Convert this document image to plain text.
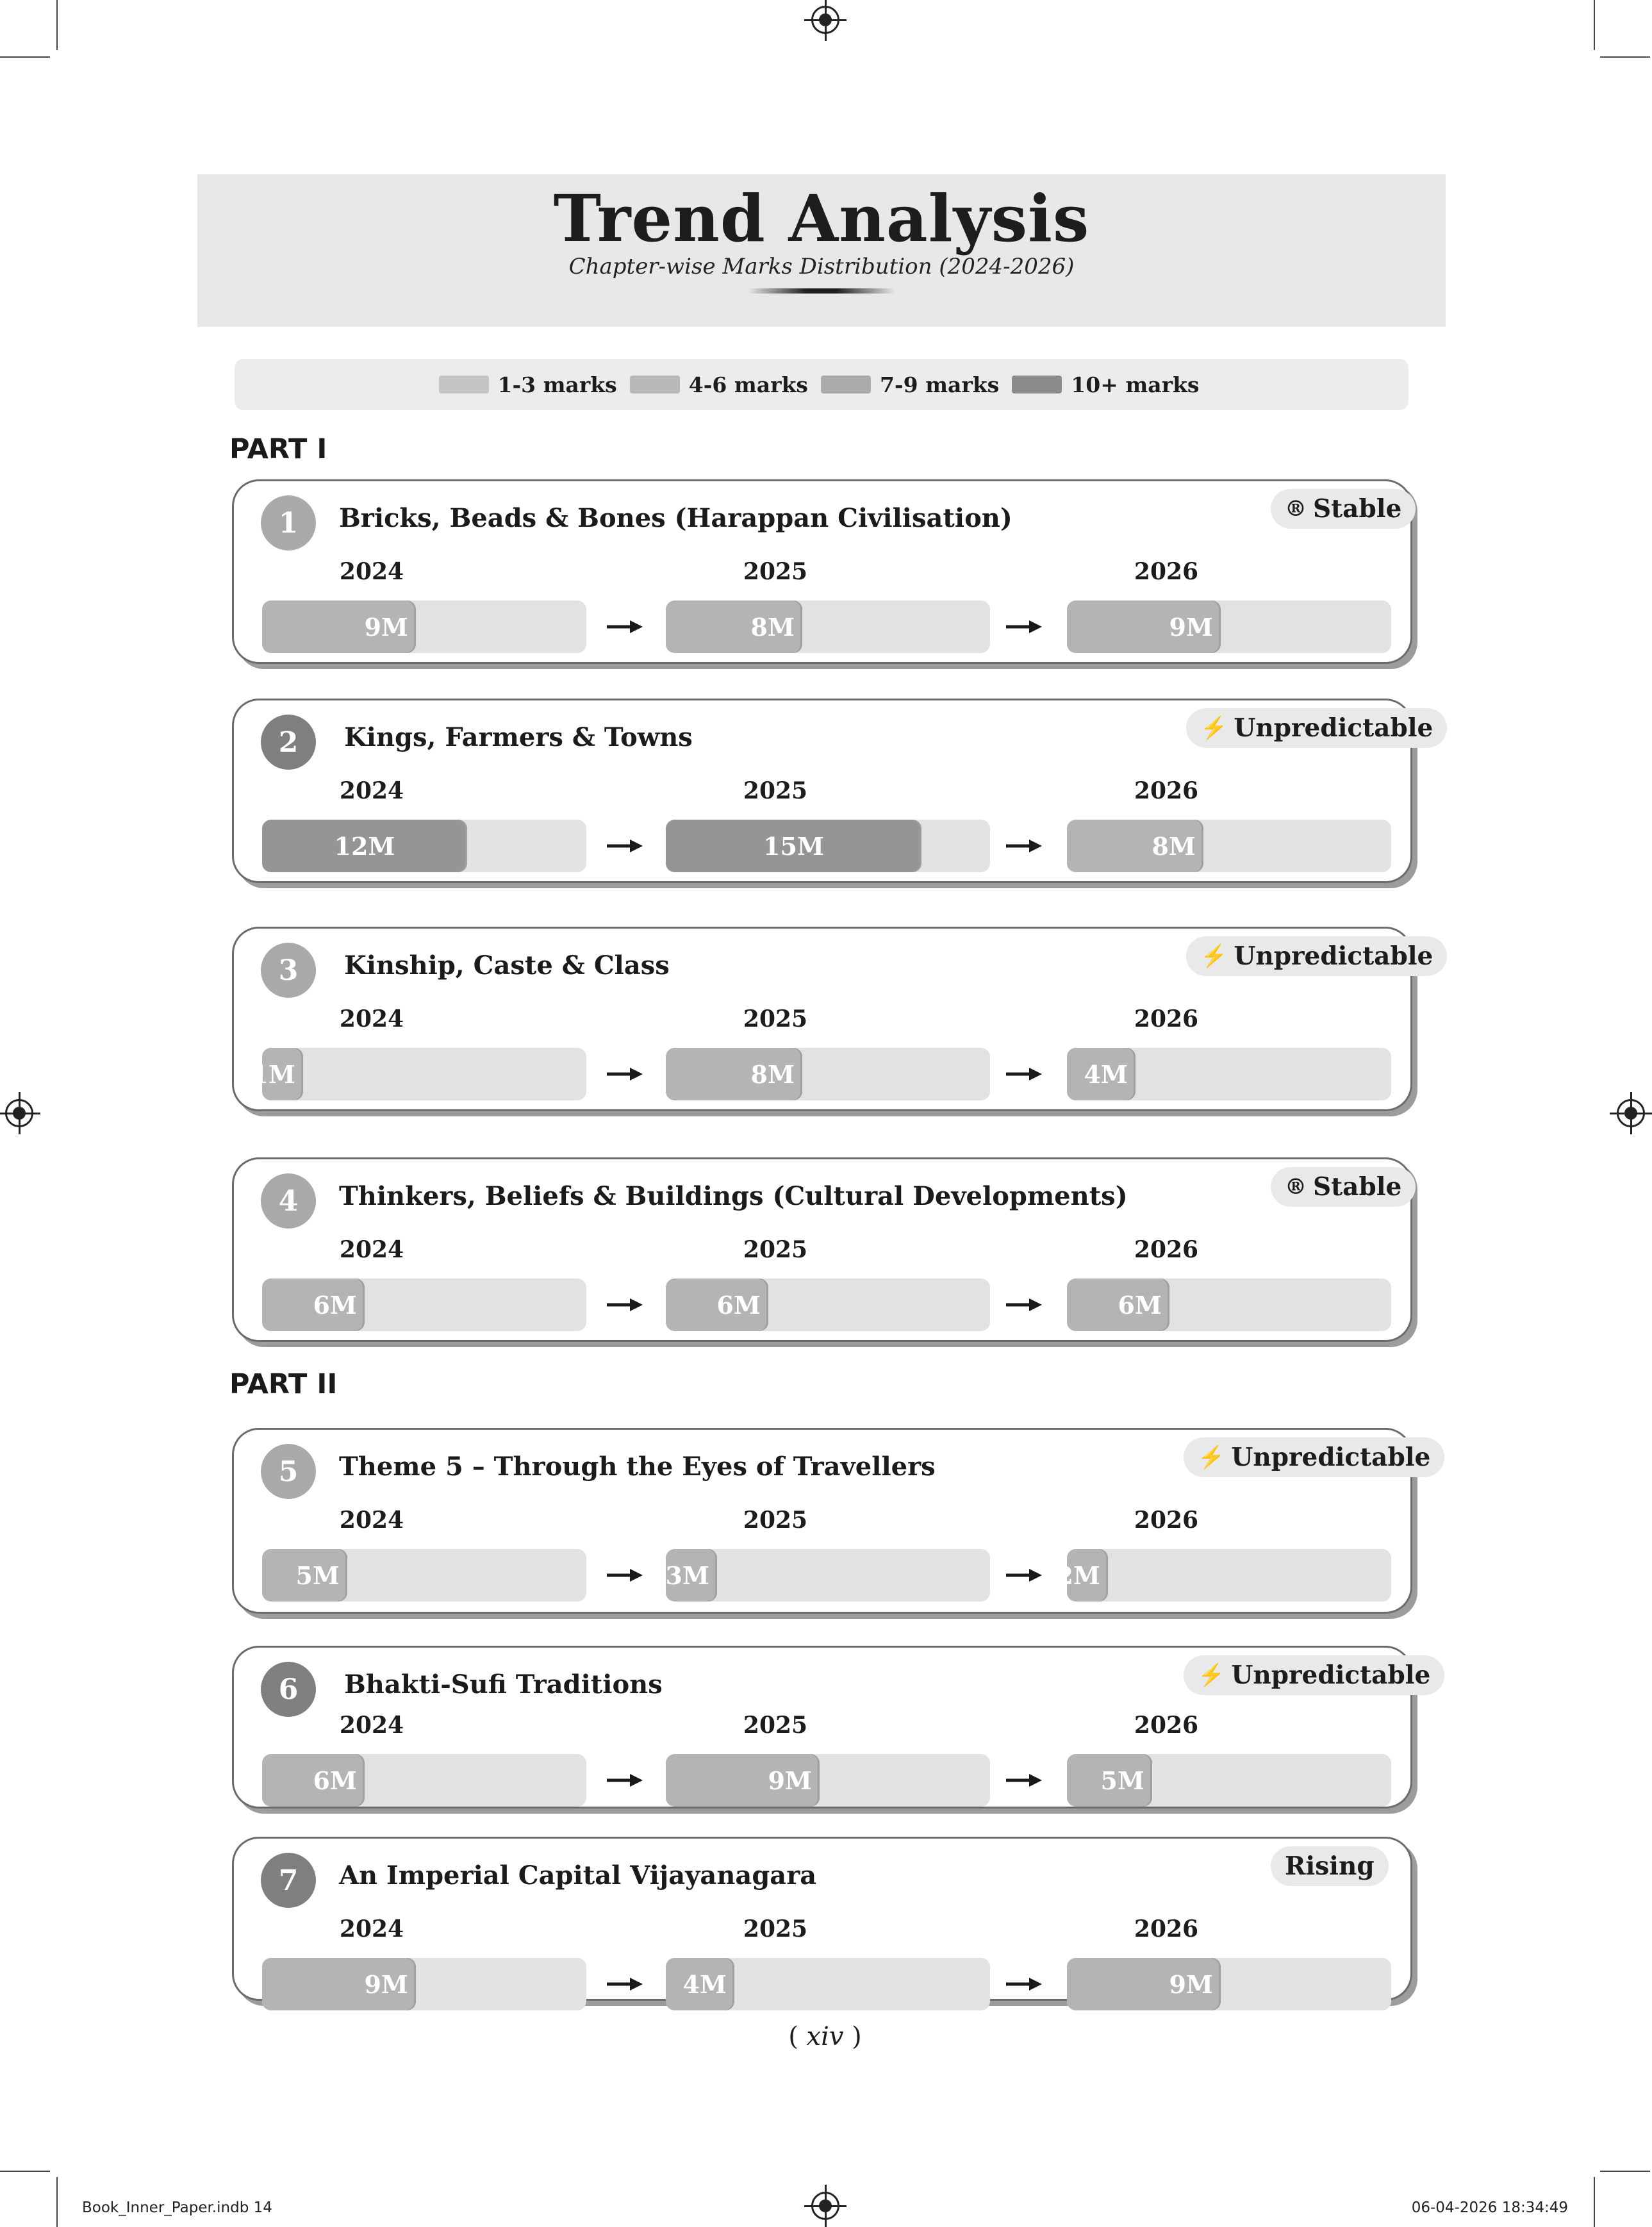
Trend Analysis
Chapter-wise Marks Distribution (2024-2026)
1-3 marks	4-6 marks	7-9 marks	10+ marks
PART I
PART II
1	Bricks, Beads & Bones (Harappan Civilisation)	® Stable
2024
9M
2025
8M
2026
9M
2	Kings, Farmers & Towns	⚡ Unpredictable
2024
12M
2025
15M
2026
8M
3	Kinship, Caste & Class	⚡ Unpredictable
2024
1M
2025
8M
2026
4M
4	Thinkers, Beliefs & Buildings (Cultural Developments)	® Stable
2024
6M
2025
6M
2026
6M
5	Theme 5 – Through the Eyes of Travellers	⚡ Unpredictable
2024
5M
2025
3M
2026
2M
6	Bhakti-Sufi Traditions	⚡ Unpredictable
2024
6M
2025
9M
2026
5M
7	An Imperial Capital Vijayanagara	Rising
2024
9M
2025
4M
2026
9M
( xiv )
Book_Inner_Paper.indb 14	06-04-2026 18:34:49
